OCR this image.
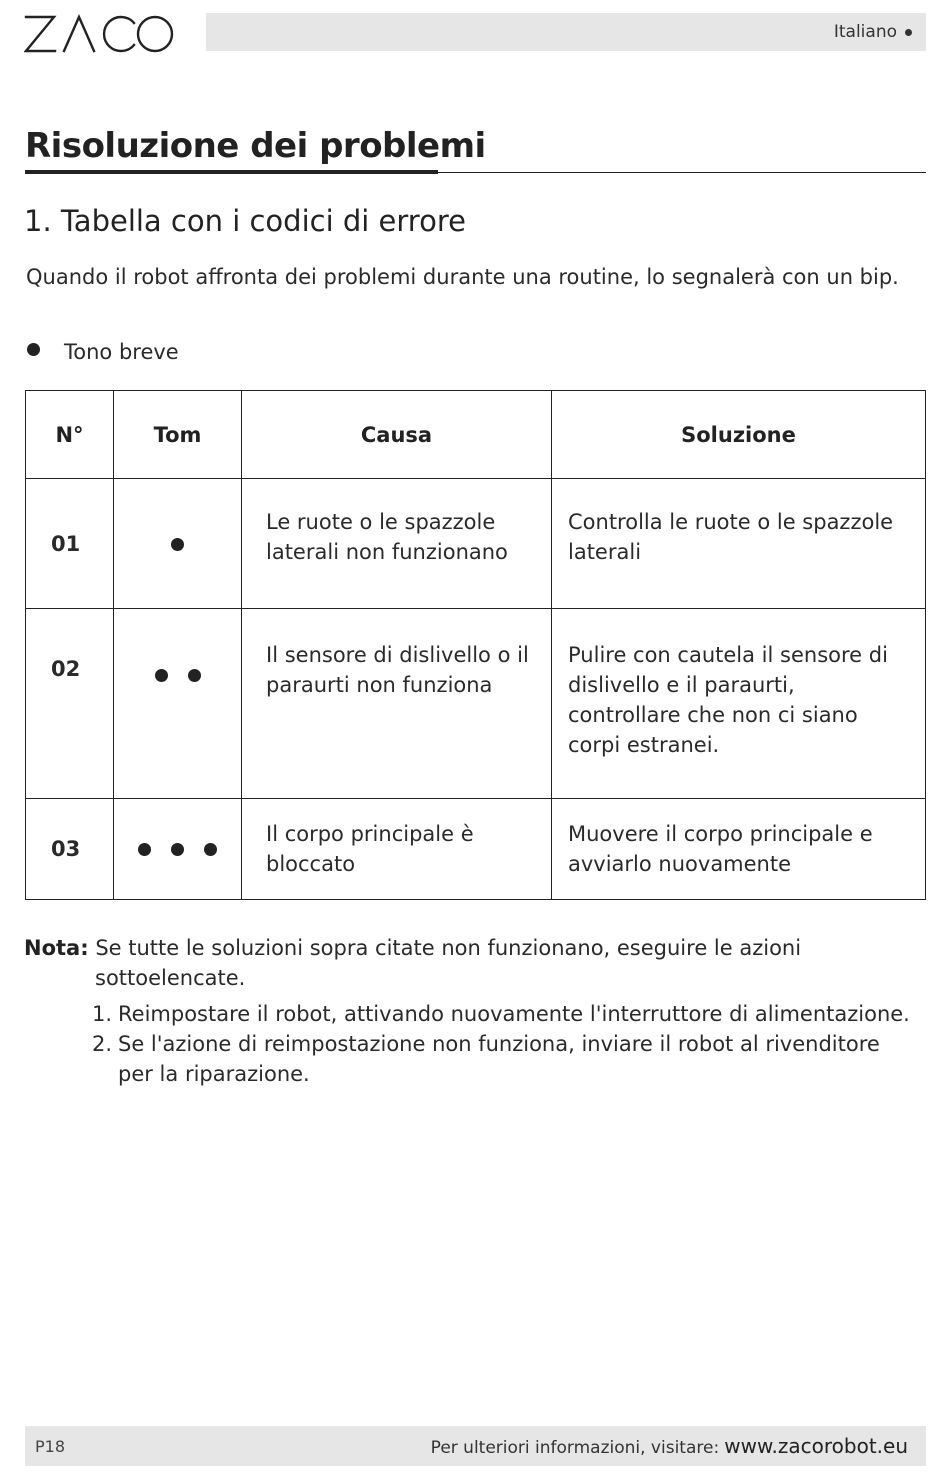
Italiano
Risoluzione dei problemi
1. Tabella con i codici di errore
Quando il robot affronta dei problemi durante una routine, lo segnalerà con un bip.
Tono breve
N°	Tom	Causa	Soluzione
01		Le ruote o le spazzole laterali non funzionano	Controlla le ruote o le spazzole laterali
02		Il sensore di dislivello o il paraurti non funziona	Pulire con cautela il sensore di dislivello e il paraurti, controllare che non ci siano corpi estranei.
03		Il corpo principale è bloccato	Muovere il corpo principale e avviarlo nuovamente
Nota: Se tutte le soluzioni sopra citate non funzionano, eseguire le azioni
sottoelencate.
1. Reimpostare il robot, attivando nuovamente l'interruttore di alimentazione.
2. Se l'azione di reimpostazione non funziona, inviare il robot al rivenditore per la riparazione.
P18	Per ulteriori informazioni, visitare: www.zacorobot.eu
